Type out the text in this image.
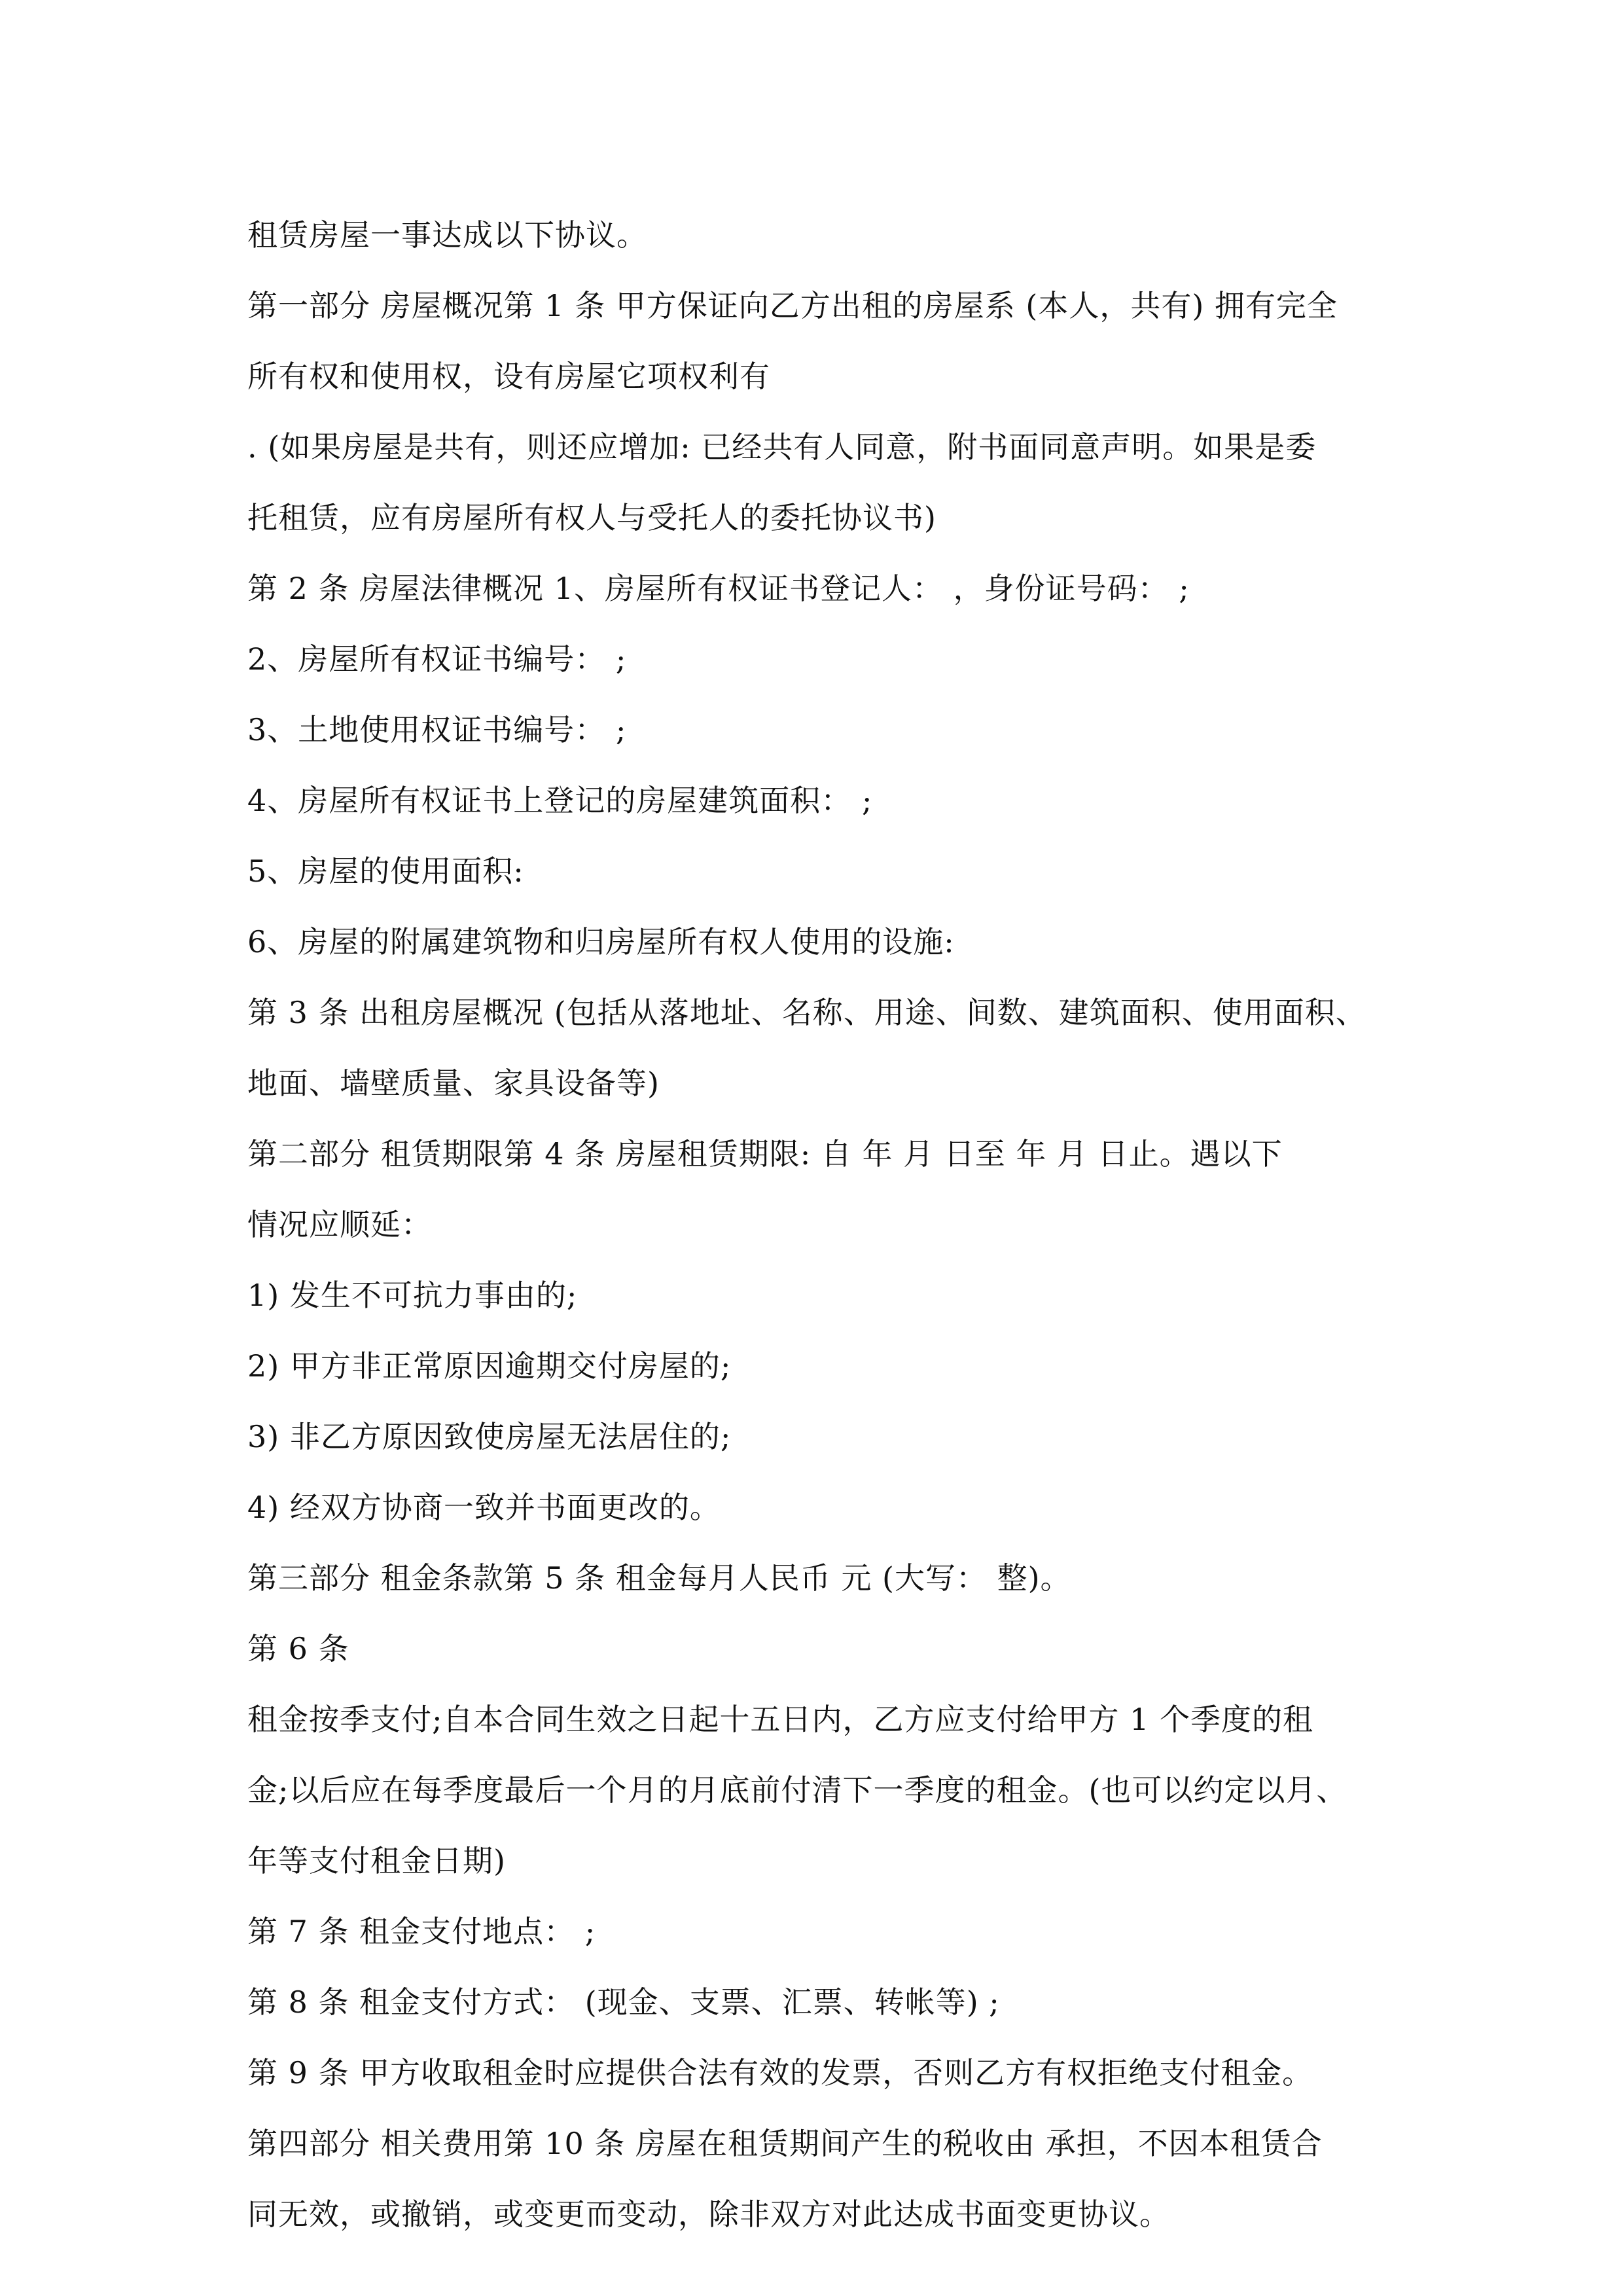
租赁房屋一事达成以下协议。
第一部分 房屋概况第 1 条 甲方保证向乙方出租的房屋系 (本人，共有) 拥有完全
所有权和使用权，设有房屋它项权利有
. (如果房屋是共有，则还应增加: 已经共有人同意，附书面同意声明。如果是委
托租赁，应有房屋所有权人与受托人的委托协议书)
第 2 条 房屋法律概况 1、房屋所有权证书登记人： ，身份证号码： ;
2、房屋所有权证书编号： ;
3、土地使用权证书编号： ;
4、房屋所有权证书上登记的房屋建筑面积： ;
5、房屋的使用面积:
6、房屋的附属建筑物和归房屋所有权人使用的设施:
第 3 条 出租房屋概况 (包括从落地址、名称、用途、间数、建筑面积、使用面积、
地面、墙壁质量、家具设备等)
第二部分 租赁期限第 4 条 房屋租赁期限: 自 年 月 日至 年 月 日止。遇以下
情况应顺延：
1) 发生不可抗力事由的;
2) 甲方非正常原因逾期交付房屋的;
3) 非乙方原因致使房屋无法居住的;
4) 经双方协商一致并书面更改的。
第三部分 租金条款第 5 条 租金每月人民币 元 (大写： 整)。
第 6 条
租金按季支付;自本合同生效之日起十五日内，乙方应支付给甲方 1 个季度的租
金;以后应在每季度最后一个月的月底前付清下一季度的租金。(也可以约定以月、
年等支付租金日期)
第 7 条 租金支付地点： ;
第 8 条 租金支付方式： (现金、支票、汇票、转帐等) ;
第 9 条 甲方收取租金时应提供合法有效的发票，否则乙方有权拒绝支付租金。
第四部分 相关费用第 10 条 房屋在租赁期间产生的税收由 承担，不因本租赁合
同无效，或撤销，或变更而变动，除非双方对此达成书面变更协议。
